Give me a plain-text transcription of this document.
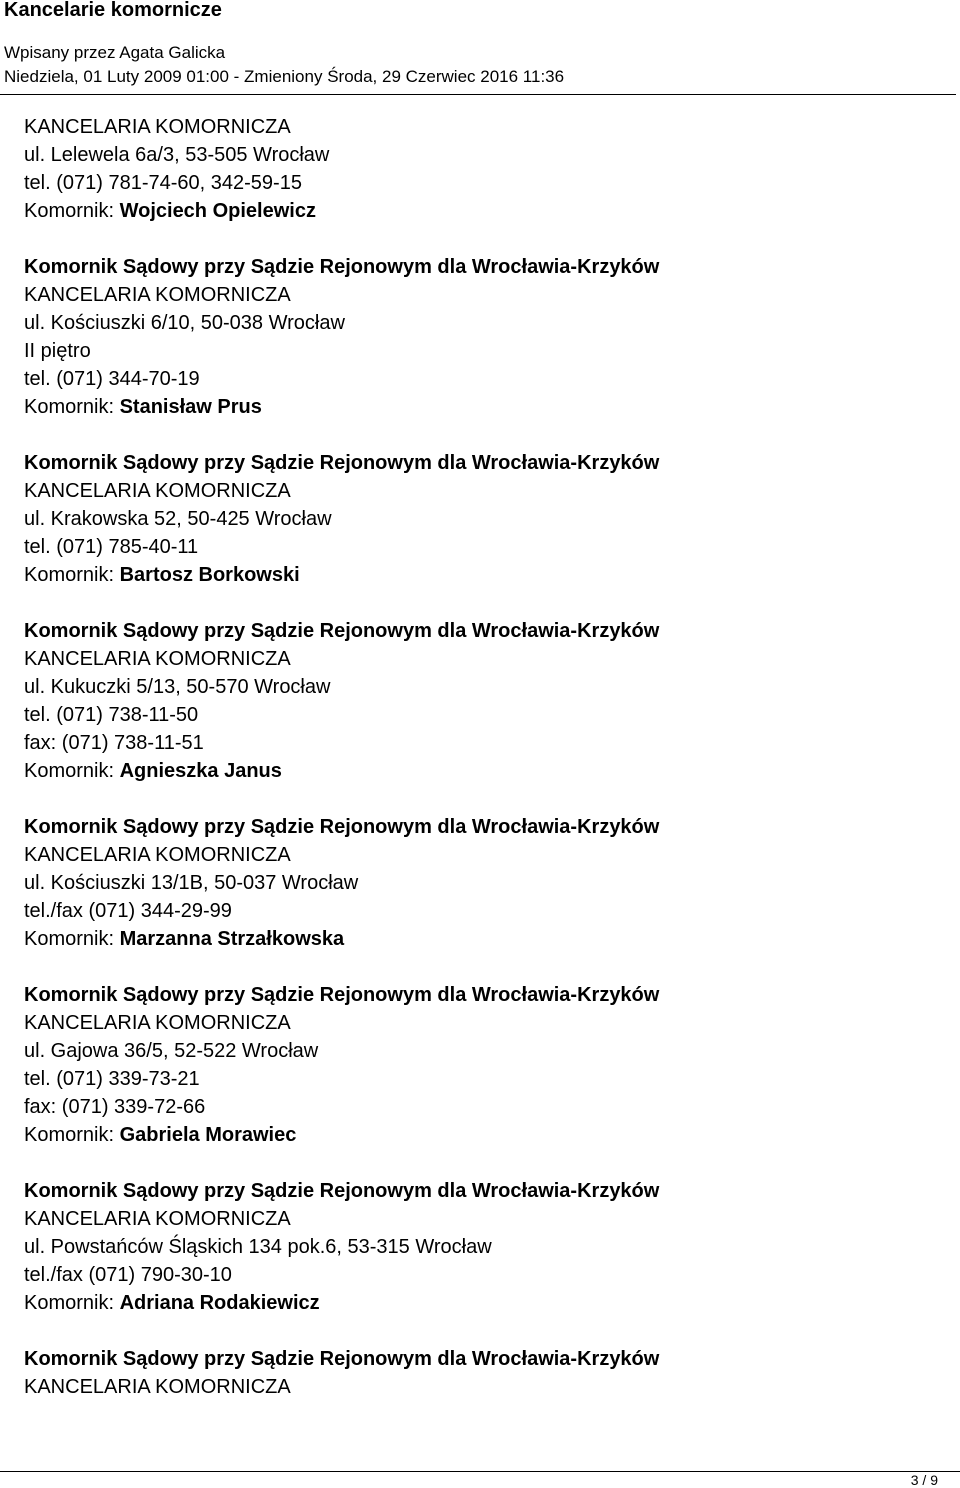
Kancelarie komornicze
Wpisany przez Agata Galicka
Niedziela, 01 Luty 2009 01:00 - Zmieniony Środa, 29 Czerwiec 2016 11:36
KANCELARIA KOMORNICZA
ul. Lelewela 6a/3, 53-505 Wrocław
tel. (071) 781-74-60, 342-59-15
Komornik: Wojciech Opielewicz
Komornik Sądowy przy Sądzie Rejonowym dla Wrocławia-Krzyków
KANCELARIA KOMORNICZA
ul. Kościuszki 6/10, 50-038 Wrocław
II piętro
tel. (071) 344-70-19
Komornik: Stanisław Prus
Komornik Sądowy przy Sądzie Rejonowym dla Wrocławia-Krzyków
KANCELARIA KOMORNICZA
ul. Krakowska 52, 50-425 Wrocław
tel. (071) 785-40-11
Komornik: Bartosz Borkowski
Komornik Sądowy przy Sądzie Rejonowym dla Wrocławia-Krzyków
KANCELARIA KOMORNICZA
ul. Kukuczki 5/13, 50-570 Wrocław
tel. (071) 738-11-50
fax: (071) 738-11-51
Komornik: Agnieszka Janus
Komornik Sądowy przy Sądzie Rejonowym dla Wrocławia-Krzyków
KANCELARIA KOMORNICZA
ul. Kościuszki 13/1B, 50-037 Wrocław
tel./fax (071) 344-29-99
Komornik: Marzanna Strzałkowska
Komornik Sądowy przy Sądzie Rejonowym dla Wrocławia-Krzyków
KANCELARIA KOMORNICZA
ul. Gajowa 36/5, 52-522 Wrocław
tel. (071) 339-73-21
fax: (071) 339-72-66
Komornik: Gabriela Morawiec
Komornik Sądowy przy Sądzie Rejonowym dla Wrocławia-Krzyków
KANCELARIA KOMORNICZA
ul. Powstańców Śląskich 134 pok.6, 53-315 Wrocław
tel./fax (071) 790-30-10
Komornik: Adriana Rodakiewicz
Komornik Sądowy przy Sądzie Rejonowym dla Wrocławia-Krzyków
KANCELARIA KOMORNICZA
3 / 9
